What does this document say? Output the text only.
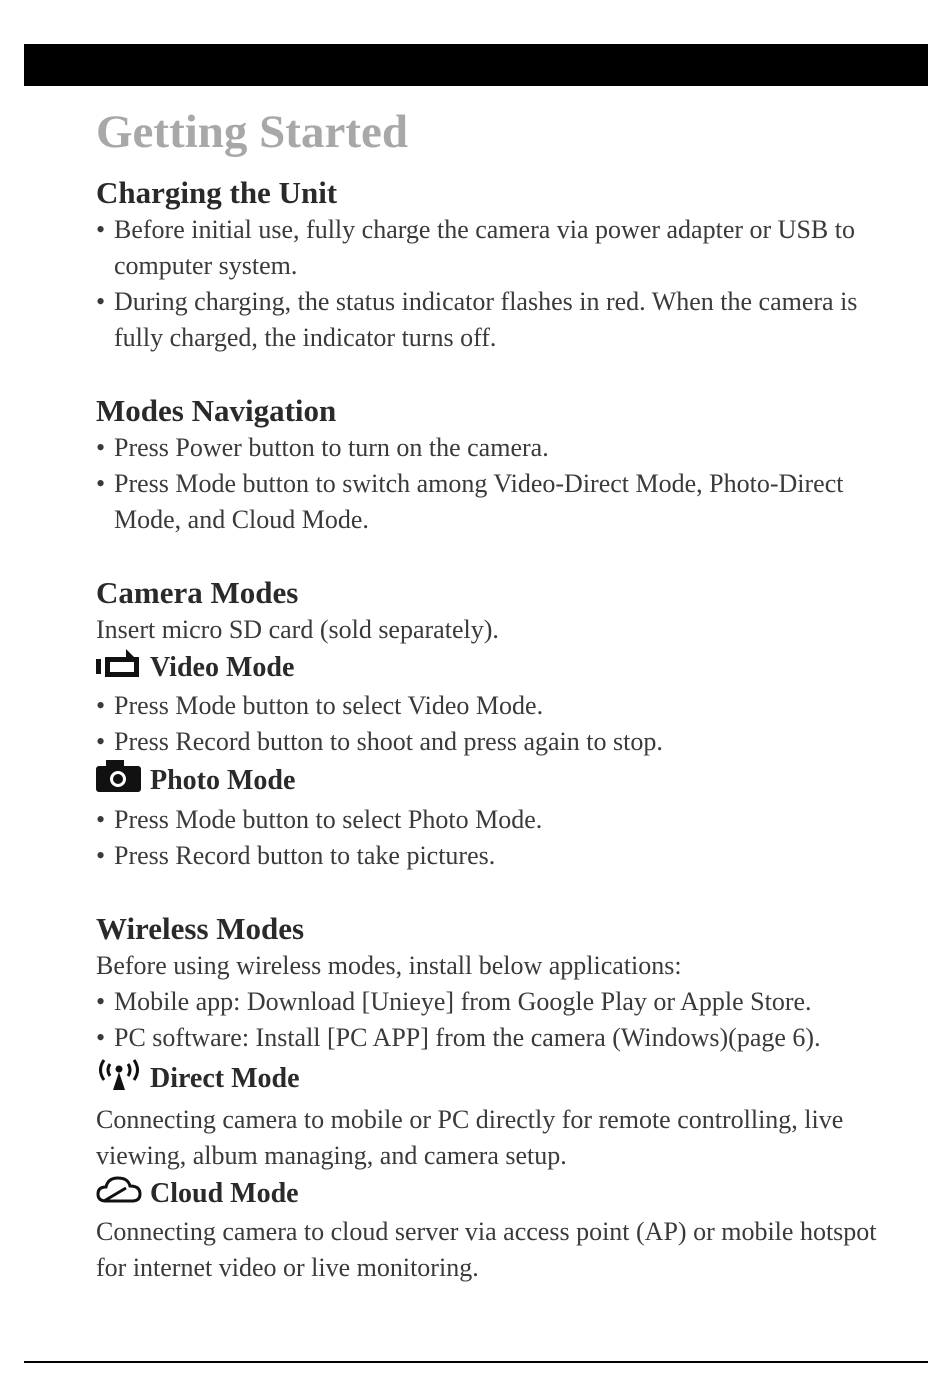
Getting Started
Charging the Unit
• Before initial use, fully charge the camera via power adapter or USB to computer system.
• During charging, the status indicator flashes in red. When the camera is fully charged, the indicator turns off.
Modes Navigation
• Press Power button to turn on the camera.
• Press Mode button to switch among Video-Direct Mode, Photo-Direct Mode, and Cloud Mode.
Camera Modes

Insert micro SD card (sold separately).

Video Mode
• Press Mode button to select Video Mode.
• Press Record button to shoot and press again to stop.
Photo Mode
• Press Mode button to select Photo Mode.
• Press Record button to take pictures.
Wireless Modes

Before using wireless modes, install below applications:

• Mobile app: Download [Unieye] from Google Play or Apple Store.
• PC software: Install [PC APP] from the camera (Windows)(page 6).
Direct Mode

Connecting camera to mobile or PC directly for remote controlling, live viewing, album managing, and camera setup.

Cloud Mode

Connecting camera to cloud server via access point (AP) or mobile hotspot for internet video or live monitoring.
